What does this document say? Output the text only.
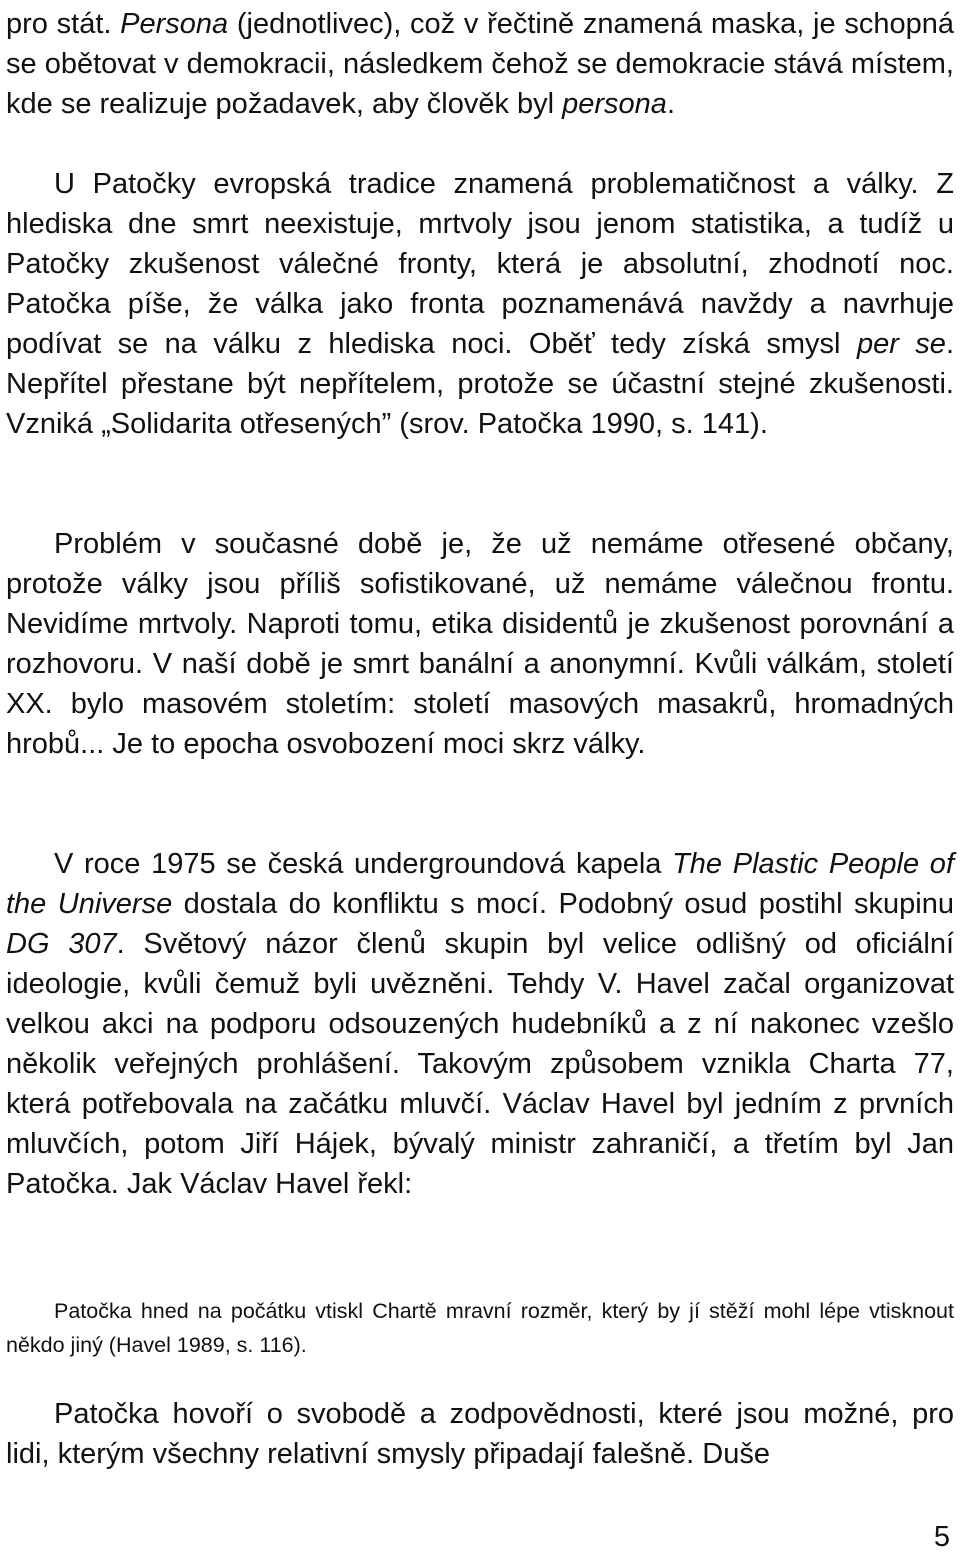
pro stát. Persona (jednotlivec), což v řečtině znamená maska, je schopná se obětovat v demokracii, následkem čehož se demokracie stává místem, kde se realizuje požadavek, aby člověk byl persona.

U Patočky evropská tradice znamená problematičnost a války. Z hlediska dne smrt neexistuje, mrtvoly jsou jenom statistika, a tudíž u Patočky zkušenost válečné fronty, která je absolutní, zhodnotí noc. Patočka píše, že válka jako fronta poznamenává navždy a navrhuje podívat se na válku z hlediska noci. Oběť tedy získá smysl per se. Nepřítel přestane být nepřítelem, protože se účastní stejné zkušenosti. Vzniká „Solidarita otřesených” (srov. Patočka 1990, s. 141).

Problém v současné době je, že už nemáme otřesené občany, protože války jsou příliš sofistikované, už nemáme válečnou frontu. Nevidíme mrtvoly. Naproti tomu, etika disidentů je zkušenost porovnání a rozhovoru. V naší době je smrt banální a anonymní. Kvůli válkám, století XX. bylo masovém stoletím: století masových masakrů, hromadných hrobů... Je to epocha osvobození moci skrz války.

V roce 1975 se česká undergroundová kapela The Plastic People of the Universe dostala do konfliktu s mocí. Podobný osud postihl skupinu DG 307. Světový názor členů skupin byl velice odlišný od oficiální ideologie, kvůli čemuž byli uvězněni. Tehdy V. Havel začal organizovat velkou akci na podporu odsouzených hudebníků a z ní nakonec vzešlo několik veřejných prohlášení. Takovým způsobem vznikla Charta 77, která potřebovala na začátku mluvčí. Václav Havel byl jedním z prvních mluvčích, potom Jiří Hájek, bývalý ministr zahraničí, a třetím byl Jan Patočka. Jak Václav Havel řekl:

Patočka hned na počátku vtiskl Chartě mravní rozměr, který by jí stěží mohl lépe vtisknout někdo jiný (Havel 1989, s. 116).

Patočka hovoří o svobodě a zodpovědnosti, které jsou možné, pro lidi, kterým všechny relativní smysly připadají falešně. Duše

5
